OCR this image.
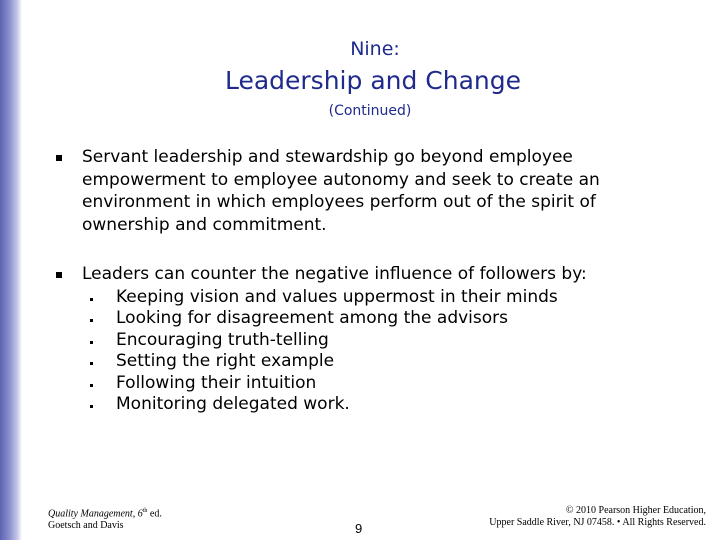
Nine:
Leadership and Change
(Continued)
Servant leadership and stewardship go beyond employee empowerment to employee autonomy and seek to create an environment in which employees perform out of the spirit of ownership and commitment.
Leaders can counter the negative influence of followers by:
Keeping vision and values uppermost in their minds
Looking for disagreement among the advisors
Encouraging truth-telling
Setting the right example
Following their intuition
Monitoring delegated work.
Quality Management, 6th ed.
Goetsch and Davis	9
© 2010 Pearson Higher Education,
Upper Saddle River, NJ 07458. • All Rights Reserved.
